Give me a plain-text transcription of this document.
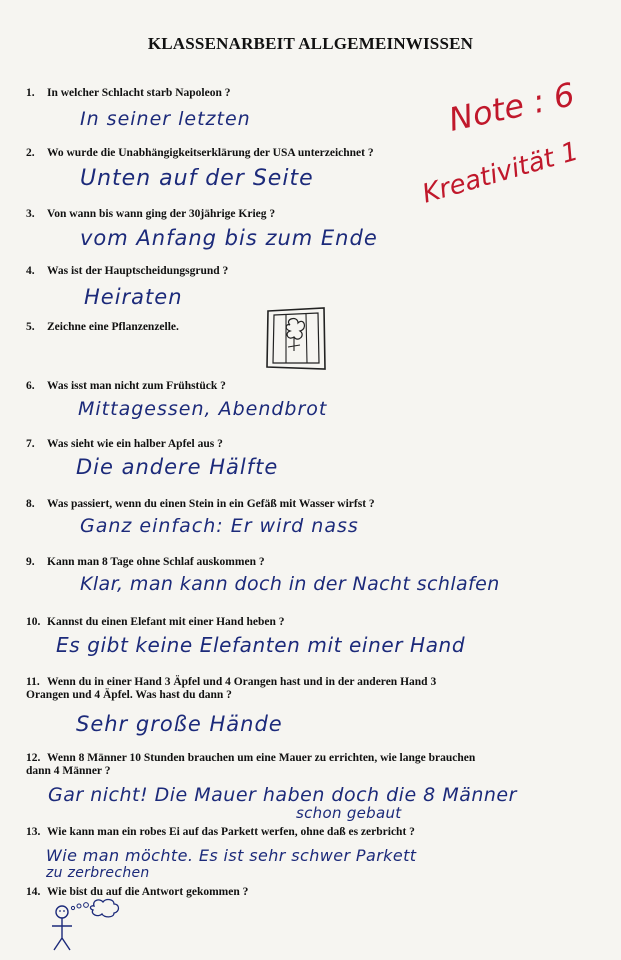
KLASSENARBEIT ALLGEMEINWISSEN
Note : 6
Kreativität 1
1. In welcher Schlacht starb Napoleon ?
In seiner letzten
2. Wo wurde die Unabhängigkeitserklärung der USA unterzeichnet ?
Unten auf der Seite
3. Von wann bis wann ging der 30jährige Krieg ?
vom Anfang bis zum Ende
4. Was ist der Hauptscheidungsgrund ?
Heiraten
5. Zeichne eine Pflanzenzelle.
6. Was isst man nicht zum Frühstück ?
Mittagessen, Abendbrot
7. Was sieht wie ein halber Apfel aus ?
Die andere Hälfte
8. Was passiert, wenn du einen Stein in ein Gefäß mit Wasser wirfst ?
Ganz einfach: Er wird nass
9. Kann man 8 Tage ohne Schlaf auskommen ?
Klar, man kann doch in der Nacht schlafen
10. Kannst du einen Elefant mit einer Hand heben ?
Es gibt keine Elefanten mit einer Hand
11. Wenn du in einer Hand 3 Äpfel und 4 Orangen hast und in der anderen Hand 3
Orangen und 4 Äpfel. Was hast du dann ?
Sehr große Hände
12. Wenn 8 Männer 10 Stunden brauchen um eine Mauer zu errichten, wie lange brauchen
dann 4 Männer ?
Gar nicht! Die Mauer haben doch die 8 Männer
schon gebaut
13. Wie kann man ein robes Ei auf das Parkett werfen, ohne daß es zerbricht ?
Wie man möchte. Es ist sehr schwer Parkett
zu zerbrechen
14. Wie bist du auf die Antwort gekommen ?
